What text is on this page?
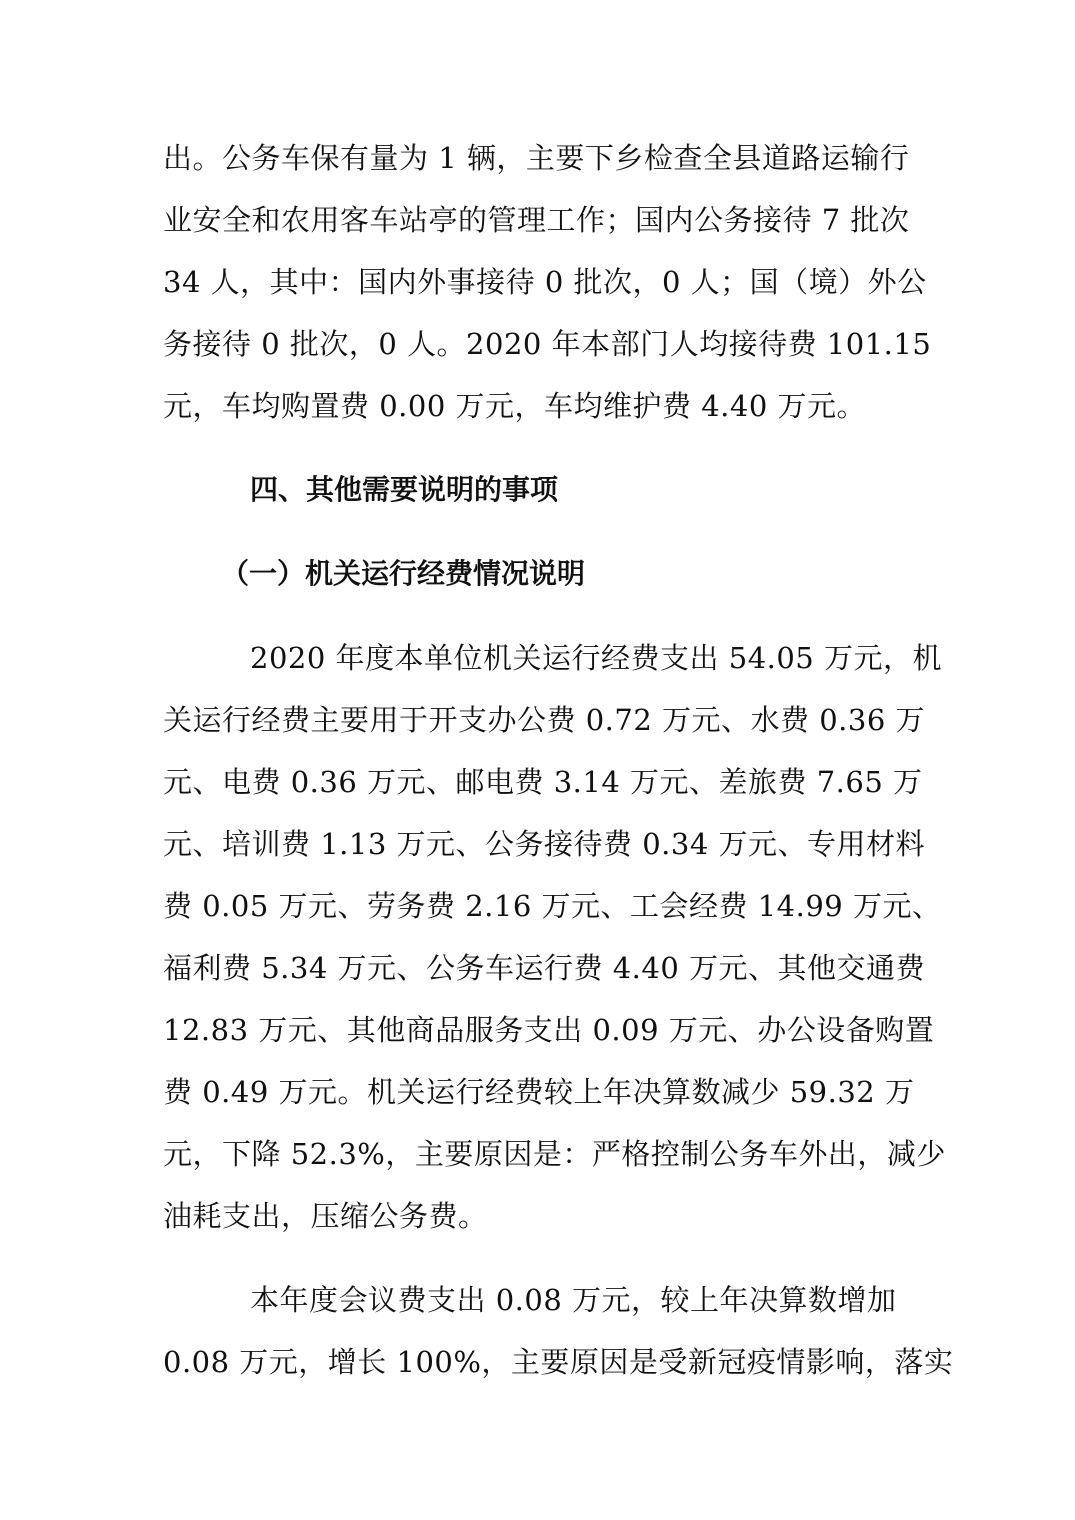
出。公务车保有量为 1 辆，主要下乡检查全县道路运输行
业安全和农用客车站亭的管理工作；国内公务接待 7 批次
34 人，其中：国内外事接待 0 批次，0 人；国（境）外公
务接待 0 批次，0 人。2020 年本部门人均接待费 101.15
元，车均购置费 0.00 万元，车均维护费 4.40 万元。
四、其他需要说明的事项
（一）机关运行经费情况说明
2020 年度本单位机关运行经费支出 54.05 万元，机
关运行经费主要用于开支办公费 0.72 万元、水费 0.36 万
元、电费 0.36 万元、邮电费 3.14 万元、差旅费 7.65 万
元、培训费 1.13 万元、公务接待费 0.34 万元、专用材料
费 0.05 万元、劳务费 2.16 万元、工会经费 14.99 万元、
福利费 5.34 万元、公务车运行费 4.40 万元、其他交通费
12.83 万元、其他商品服务支出 0.09 万元、办公设备购置
费 0.49 万元。机关运行经费较上年决算数减少 59.32 万
元，下降 52.3%，主要原因是：严格控制公务车外出，减少
油耗支出，压缩公务费。
本年度会议费支出 0.08 万元，较上年决算数增加
0.08 万元，增长 100%，主要原因是受新冠疫情影响，落实
